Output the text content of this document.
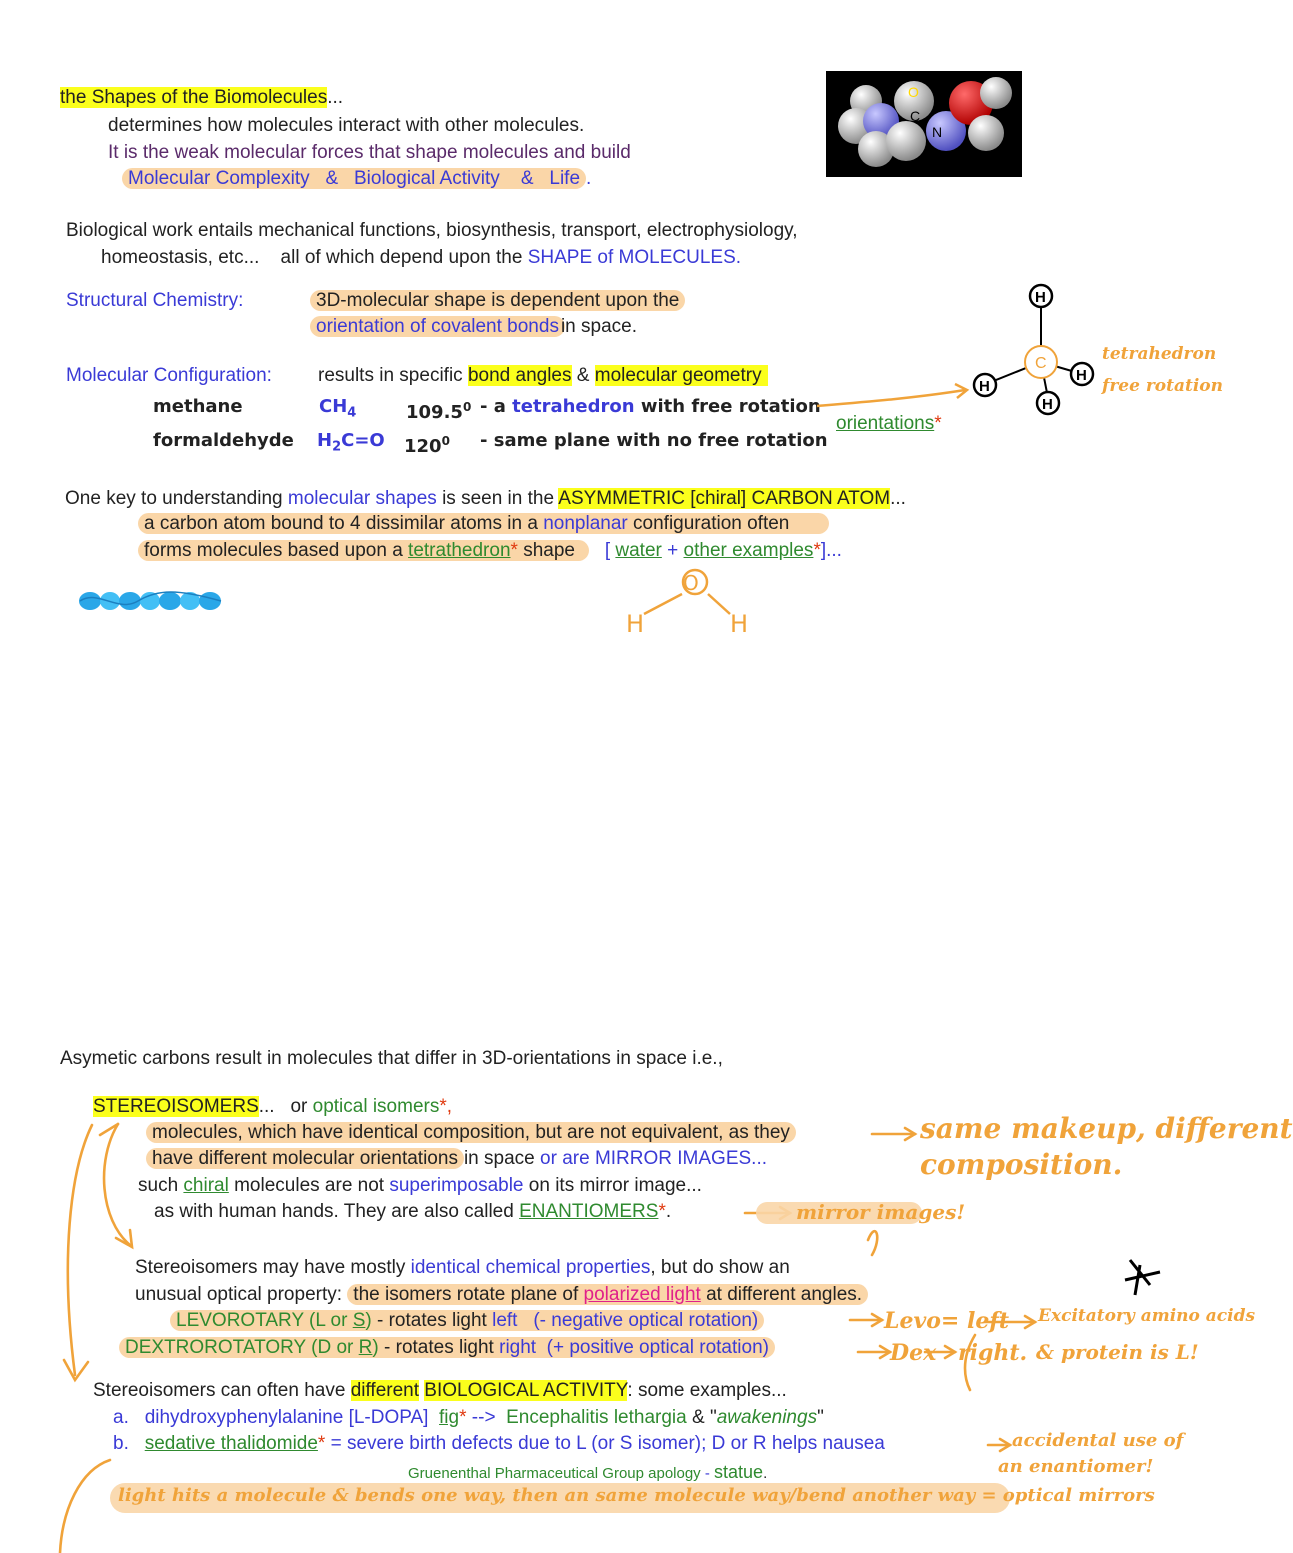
the Shapes of the Biomolecules...
determines how molecules interact with other molecules.
It is the weak molecular forces that shape molecules and build
Molecular Complexity & Biological Activity & Life .
O
C
N
H
Biological work entails mechanical functions, biosynthesis, transport, electrophysiology,
homeostasis, etc... all of which depend upon the SHAPE of MOLECULES.
Structural Chemistry:	3D-molecular shape is dependent upon the
orientation of covalent bonds in space.
Molecular Configuration: results in specific bond angles & molecular geometry
methane	$CH_4$	109.5$^0$ - a tetrahedron with free rotation
formaldehyde $H_2C=O$ $120^0$ - same plane with no free rotation
orientations*
C
H
H
H
H
tetrahedron
free rotation
One key to understanding molecular shapes is seen in the ASYMMETRIC [chiral] CARBON ATOM...
a carbon atom bound to 4 dissimilar atoms in a nonplanar configuration often
forms molecules based upon a tetrathedron* shape [ water + other examples*]...
O
H	H
Asymetic carbons result in molecules that differ in 3D-orientations in space i.e.,
STEREOISOMERS... or optical isomers*,
molecules, which have identical composition, but are not equivalent, as they
have different molecular orientations in space or are MIRROR IMAGES...
such chiral molecules are not superimposable on its mirror image...
as with human hands. They are also called ENANTIOMERS*.
Stereoisomers may have mostly identical chemical properties, but do show an
unusual optical property: the isomers rotate plane of polarized light at different angles.
LEVOROTARY (L or S) - rotates light left (- negative optical rotation)
DEXTROROTATORY (D or R) - rotates light right (+ positive optical rotation)
Stereoisomers can often have different BIOLOGICAL ACTIVITY: some examples...
a. dihydroxyphenylalanine [L-DOPA] fig* --> Encephalitis lethargia & "awakenings"
b. sedative thalidomide* = severe birth defects due to L (or S isomer); D or R helps nausea
Gruenenthal Pharmaceutical Group apology - statue.
same makeup, different
composition.
mirror images!
Levo= left Excitatory amino acids
Dex right. & protein is L!
accidental use of
an enantiomer!
light hits a molecule & bends one way, then an same molecule way/bend another way = optical mirrors
